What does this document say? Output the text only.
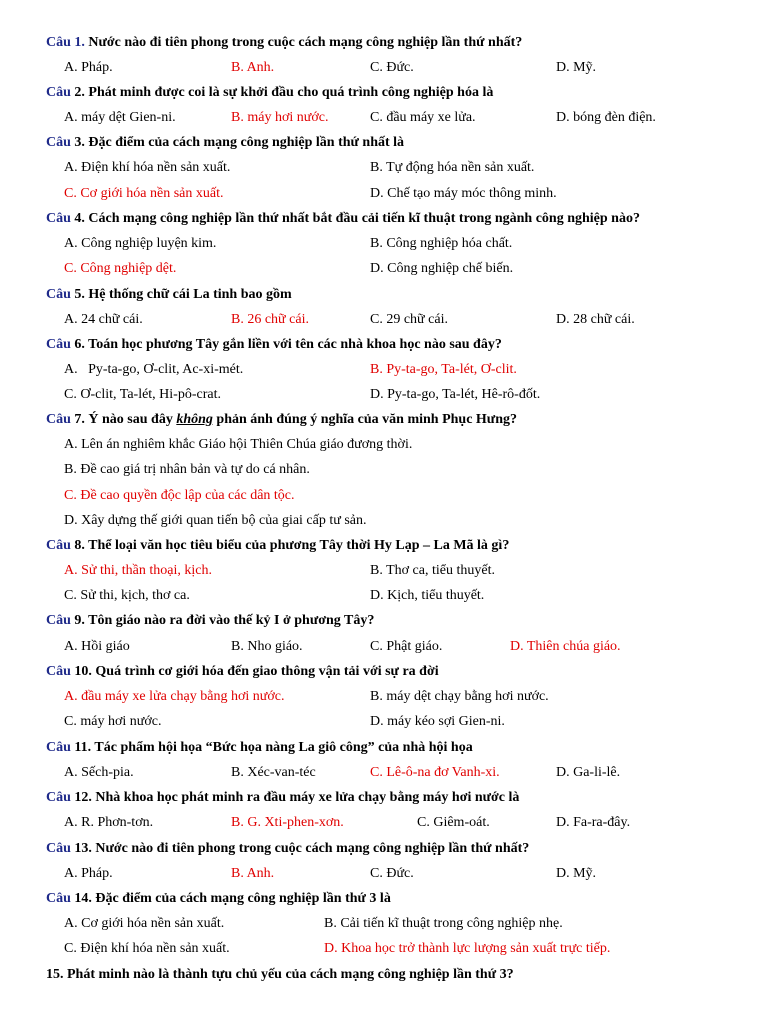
Câu 1. Nước nào đi tiên phong trong cuộc cách mạng công nghiệp lần thứ nhất?
A. Pháp.	B. Anh.	C. Đức.	D. Mỹ.
Câu 2. Phát minh được coi là sự khởi đầu cho quá trình công nghiệp hóa là
A. máy dệt Gien-ni.	B. máy hơi nước.	C. đầu máy xe lửa.	D. bóng đèn điện.
Câu 3. Đặc điểm của cách mạng công nghiệp lần thứ nhất là
A. Điện khí hóa nền sản xuất.	B. Tự động hóa nền sản xuất.
C. Cơ giới hóa nền sản xuất.	D. Chế tạo máy móc thông minh.
Câu 4. Cách mạng công nghiệp lần thứ nhất bắt đầu cải tiến kĩ thuật trong ngành công nghiệp nào?
A. Công nghiệp luyện kim.	B. Công nghiệp hóa chất.
C. Công nghiệp dệt.	D. Công nghiệp chế biến.
Câu 5. Hệ thống chữ cái La tinh bao gồm
A. 24 chữ cái.	B. 26 chữ cái.	C. 29 chữ cái.	D. 28 chữ cái.
Câu 6. Toán học phương Tây gắn liền với tên các nhà khoa học nào sau đây?
A.   Py-ta-go, Ơ-clit, Ac-xi-mét.	B. Py-ta-go, Ta-lét, Ơ-clit.
C. Ơ-clit, Ta-lét, Hi-pô-crat.	D. Py-ta-go, Ta-lét, Hê-rô-đốt.
Câu 7. Ý nào sau đây không phản ánh đúng ý nghĩa của văn minh Phục Hưng?
A. Lên án nghiêm khắc Giáo hội Thiên Chúa giáo đương thời.
B. Đề cao giá trị nhân bản và tự do cá nhân.
C. Đề cao quyền độc lập của các dân tộc.
D. Xây dựng thế giới quan tiến bộ của giai cấp tư sản.
Câu 8. Thể loại văn học tiêu biểu của phương Tây thời Hy Lạp – La Mã là gì?
A. Sử thi, thần thoại, kịch.	B. Thơ ca, tiểu thuyết.
C. Sử thi, kịch, thơ ca.	D. Kịch, tiểu thuyết.
Câu 9. Tôn giáo nào ra đời vào thế kỷ I ở phương Tây?
A. Hồi giáo	B. Nho giáo.	C. Phật giáo.	D. Thiên chúa giáo.
Câu 10. Quá trình cơ giới hóa đến giao thông vận tải với sự ra đời
A. đầu máy xe lửa chạy bằng hơi nước.	B. máy dệt chạy bằng hơi nước.
C. máy hơi nước.	D. máy kéo sợi Gien-ni.
Câu 11. Tác phẩm hội họa “Bức họa nàng La giô công” của nhà hội họa
A. Sếch-pia.	B. Xéc-van-téc	C. Lê-ô-na đơ Vanh-xi.	D. Ga-li-lê.
Câu 12. Nhà khoa học phát minh ra đầu máy xe lửa chạy bằng máy hơi nước là
A. R. Phơn-tơn.	B. G. Xti-phen-xơn.	C. Giêm-oát.	D. Fa-ra-đây.
Câu 13. Nước nào đi tiên phong trong cuộc cách mạng công nghiệp lần thứ nhất?
A. Pháp.	B. Anh.	C. Đức.	D. Mỹ.
Câu 14. Đặc điểm của cách mạng công nghiệp lần thứ 3 là
A. Cơ giới hóa nền sản xuất.	B. Cải tiến kĩ thuật trong công nghiệp nhẹ.
C. Điện khí hóa nền sản xuất.	D. Khoa học trở thành lực lượng sản xuất trực tiếp.
15. Phát minh nào là thành tựu chủ yếu của cách mạng công nghiệp lần thứ 3?
